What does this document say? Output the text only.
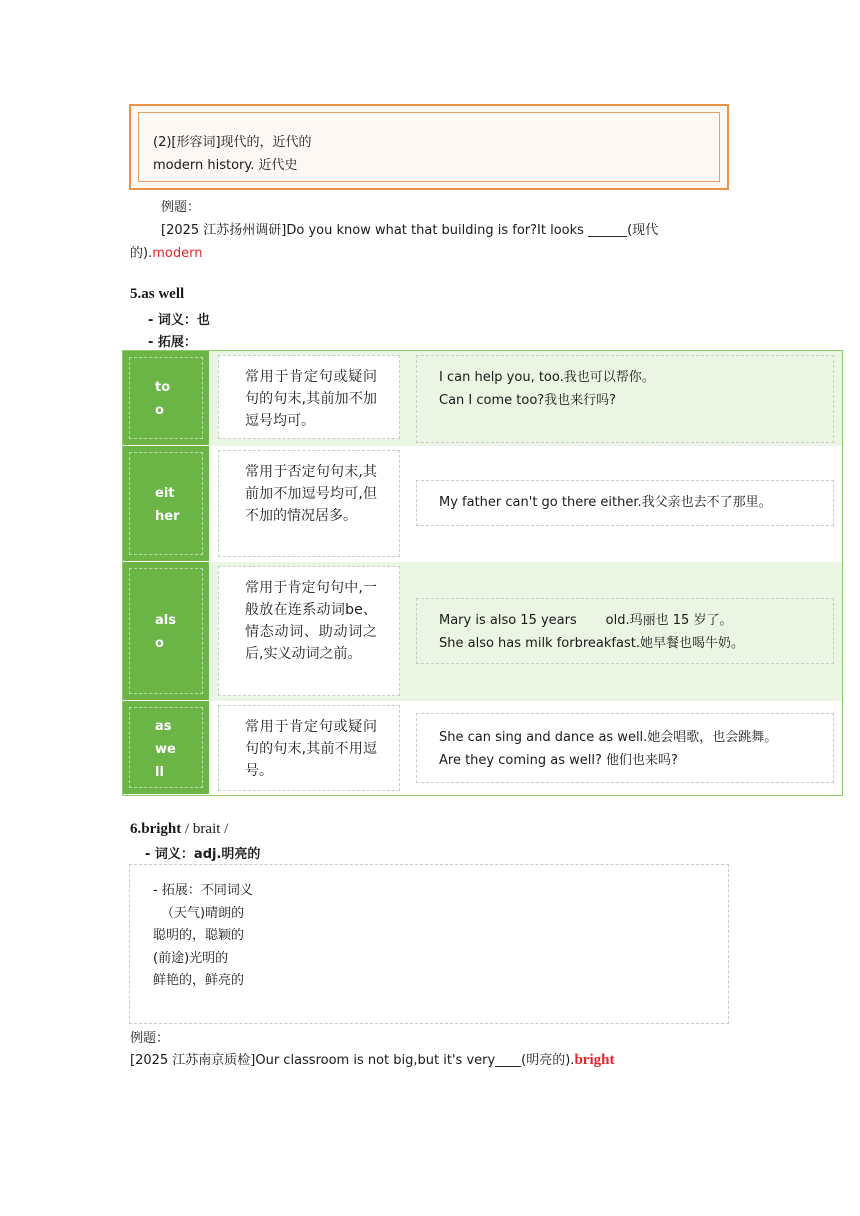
(2)[形容词]现代的，近代的
modern history. 近代史
例题：
[2025 江苏扬州调研]Do you know what that building is for?It looks ______(现代
的).modern
5.as well
- 词义：也
- 拓展：
to
o
常用于肯定句或疑问句的句末,其前加不加逗号均可。
I can help you, too.我也可以帮你。
Can I come too?我也来行吗?
eit
her
常用于否定句句末,其前加不加逗号均可,但不加的情况居多。
My father can't go there either.我父亲也去不了那里。
als
o
常用于肯定句句中,一般放在连系动词be、情态动词、助动词之后,实义动词之前。
Mary is also 15 years       old.玛丽也 15 岁了。
She also has milk forbreakfast.她早餐也喝牛奶。
as
we
ll
常用于肯定句或疑问句的句末,其前不用逗号。
She can sing and dance as well.她会唱歌，也会跳舞。
Are they coming as well? 他们也来吗?
6.bright / brait /
- 词义：adj.明亮的
- 拓展：不同词义
（天气)晴朗的
聪明的，聪颖的
(前途)光明的
鲜艳的，鲜亮的
例题：
[2025 江苏南京质检]Our classroom is not big,but it's very____(明亮的).bright
